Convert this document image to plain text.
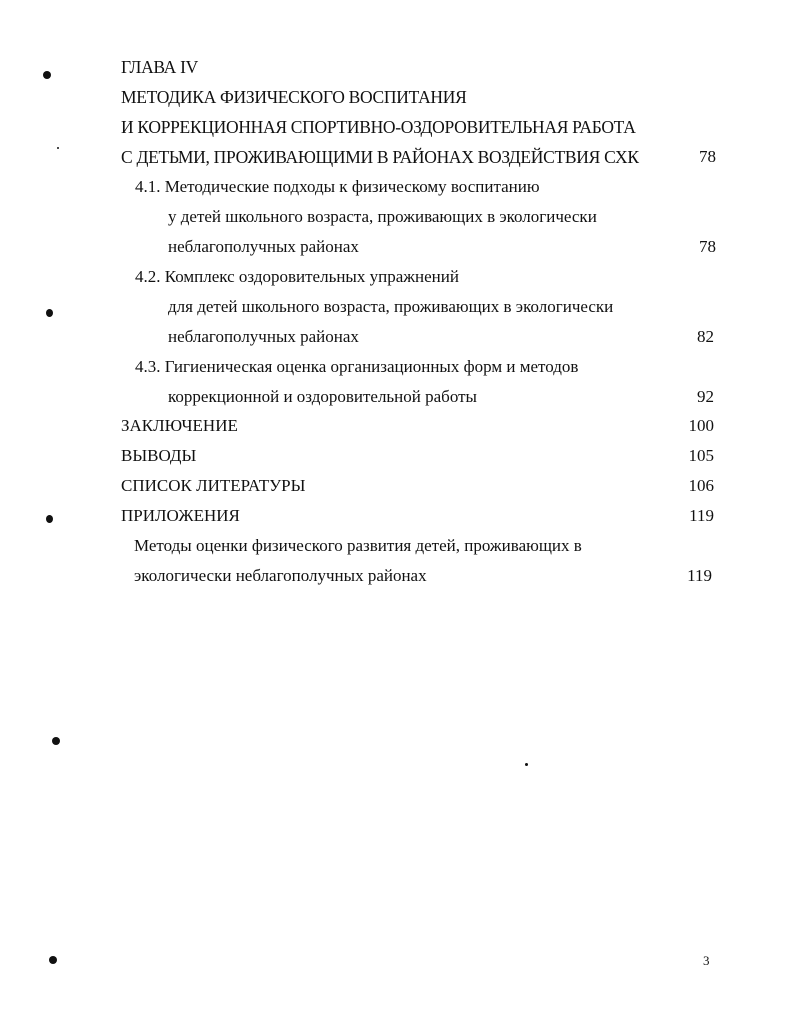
ГЛАВА IV
МЕТОДИКА ФИЗИЧЕСКОГО ВОСПИТАНИЯ
И КОРРЕКЦИОННАЯ СПОРТИВНО-ОЗДОРОВИТЕЛЬНАЯ РАБОТА
С ДЕТЬМИ, ПРОЖИВАЮЩИМИ В РАЙОНАХ ВОЗДЕЙСТВИЯ СХК	78
4.1. Методические подходы к физическому воспитанию
у детей школьного возраста, проживающих в экологически
неблагополучных районах	78
4.2. Комплекс оздоровительных упражнений
для детей школьного возраста, проживающих в экологически
неблагополучных районах	82
4.3. Гигиеническая оценка организационных форм и методов
коррекционной и оздоровительной работы	92
ЗАКЛЮЧЕНИЕ	100
ВЫВОДЫ	105
СПИСОК ЛИТЕРАТУРЫ	106
ПРИЛОЖЕНИЯ	119
Методы оценки физического развития детей, проживающих в
экологически неблагополучных районах	119
3
